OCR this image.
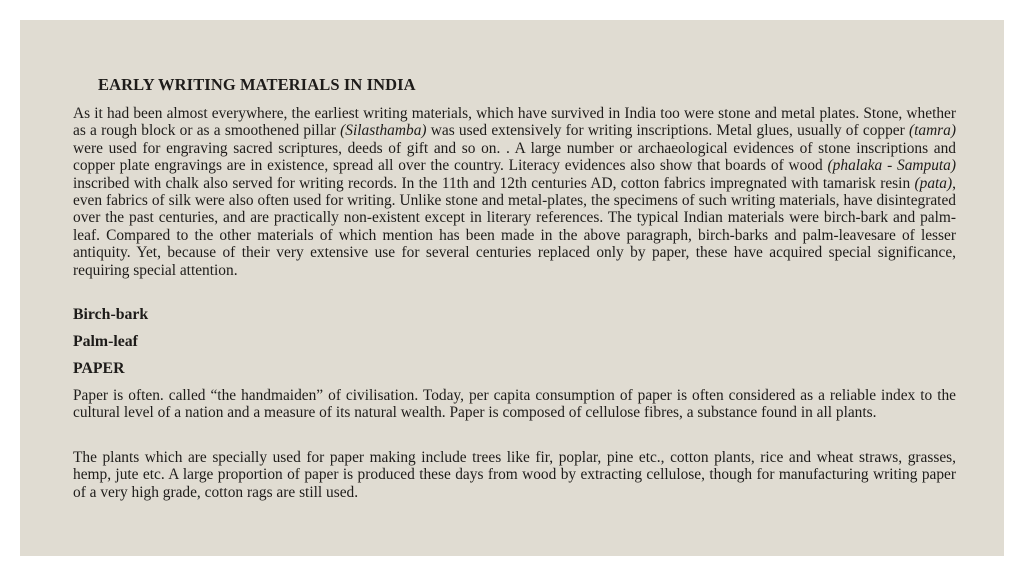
EARLY WRITING MATERIALS IN INDIA

As it had been almost everywhere, the earliest writing materials, which have survived in India too were stone and metal plates. Stone, whether as a rough block or as a smoothened pillar (Silasthamba) was used extensively for writing inscriptions. Metal glues, usually of copper (tamra) were used for engraving sacred scriptures, deeds of gift and so on. . A large number or archaeological evidences of stone inscriptions and copper plate engravings are in existence, spread all over the country. Literacy evidences also show that boards of wood (phalaka - Samputa) inscribed with chalk also served for writing records. In the 11th and 12th centuries AD, cotton fabrics impregnated with tamarisk resin (pata), even fabrics of silk were also often used for writing. Unlike stone and metal-plates, the specimens of such writing materials, have disintegrated over the past centuries, and are practically non-existent except in literary references. The typical Indian materials were birch-bark and palm-leaf. Compared to the other materials of which mention has been made in the above paragraph, birch-barks and palm-leavesare of lesser antiquity. Yet, because of their very extensive use for several centuries replaced only by paper, these have acquired special significance, requiring special attention.

Birch-bark
Palm-leaf
PAPER

Paper is often. called “the handmaiden” of civilisation. Today, per capita consumption of paper is often considered as a reliable index to the cultural level of a nation and a measure of its natural wealth. Paper is composed of cellulose fibres, a substance found in all plants.

The plants which are specially used for paper making include trees like fir, poplar, pine etc., cotton plants, rice and wheat straws, grasses, hemp, jute etc. A large proportion of paper is produced these days from wood by extracting cellulose, though for manufacturing writing paper of a very high grade, cotton rags are still used.
